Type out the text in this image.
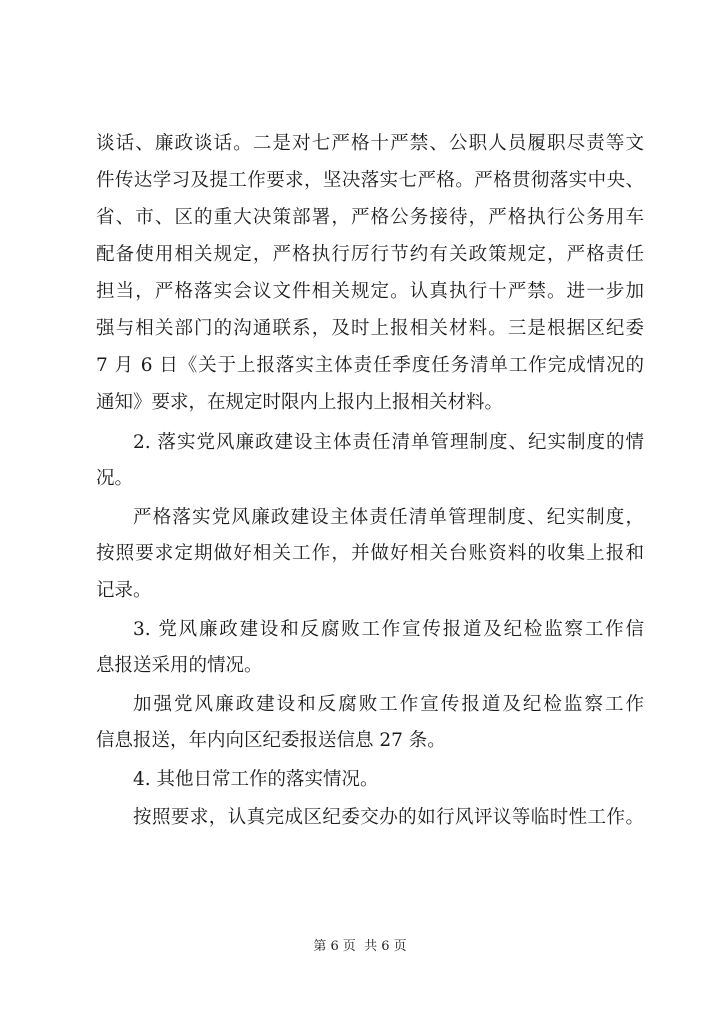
谈话、廉政谈话。二是对七严格十严禁、公职人员履职尽责等文
件传达学习及提工作要求，坚决落实七严格。严格贯彻落实中央、
省、市、区的重大决策部署，严格公务接待，严格执行公务用车
配备使用相关规定，严格执行厉行节约有关政策规定，严格责任
担当，严格落实会议文件相关规定。认真执行十严禁。进一步加
强与相关部门的沟通联系，及时上报相关材料。三是根据区纪委
7 月 6 日《关于上报落实主体责任季度任务清单工作完成情况的
通知》要求，在规定时限内上报内上报相关材料。
2. 落实党风廉政建设主体责任清单管理制度、纪实制度的情
况。
严格落实党风廉政建设主体责任清单管理制度、纪实制度，
按照要求定期做好相关工作，并做好相关台账资料的收集上报和
记录。
3. 党风廉政建设和反腐败工作宣传报道及纪检监察工作信
息报送采用的情况。
加强党风廉政建设和反腐败工作宣传报道及纪检监察工作
信息报送，年内向区纪委报送信息 27 条。
4. 其他日常工作的落实情况。
按照要求，认真完成区纪委交办的如行风评议等临时性工作。
第 6 页 共 6 页
